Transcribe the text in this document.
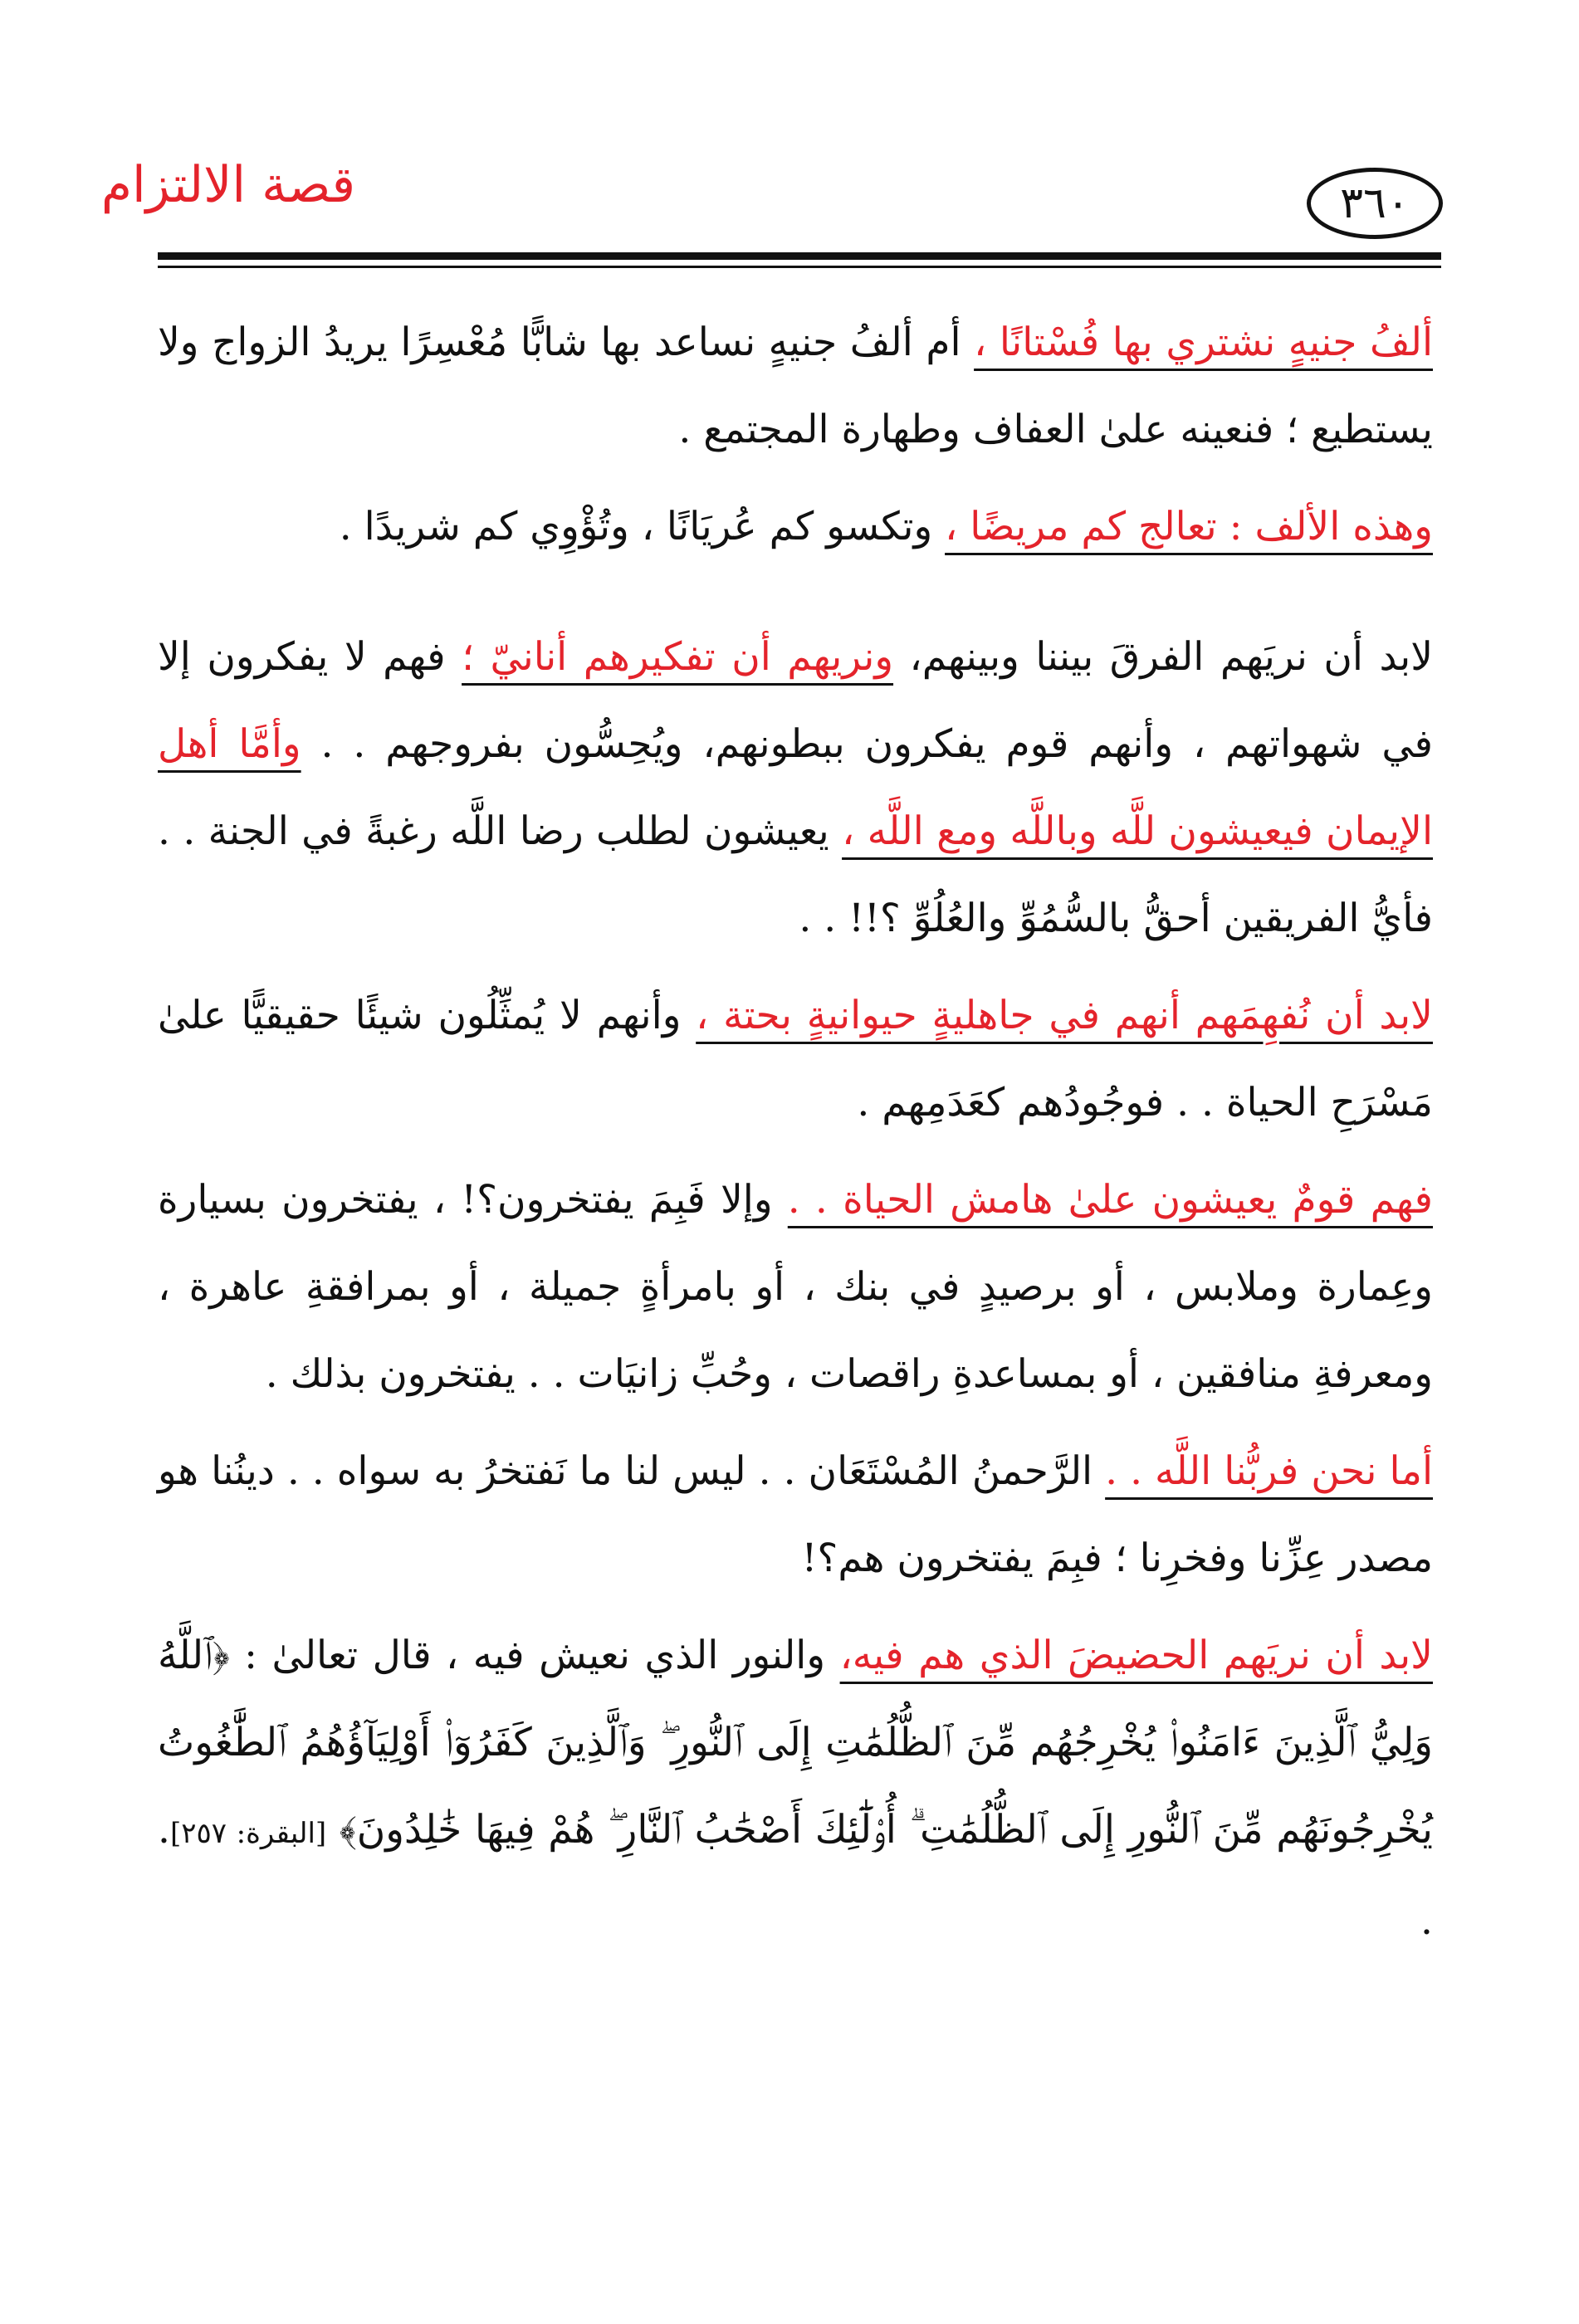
قصة الالتزام	٣٦٠

ألفُ جنيهٍ نشتري بها فُسْتانًا ، أم ألفُ جنيهٍ نساعد بها شابًّا مُعْسِرًا يريدُ الزواج ولا يستطيع ؛ فنعينه علىٰ العفاف وطهارة المجتمع .

وهذه الألف : تعالج كم مريضًا ، وتكسو كم عُريَانًا ، وتُؤْوِي كم شريدًا .

لابد أن نريَهم الفرقَ بيننا وبينهم، ونريهم أن تفكيرهم أنانيّ ؛ فهم لا يفكرون إلا في شهواتهم ، وأنهم قوم يفكرون ببطونهم، ويُحِسُّون بفروجهم . . وأمَّا أهل الإيمان فيعيشون للَّه وباللَّه ومع اللَّه ، يعيشون لطلب رضا اللَّه رغبةً في الجنة . . فأيُّ الفريقين أحقُّ بالسُّمُوِّ والعُلُوِّ ؟!! . .

لابد أن نُفهِمَهم أنهم في جاهليةٍ حيوانيةٍ بحتة ، وأنهم لا يُمثِّلُون شيئًا حقيقيًّا علىٰ مَسْرَحِ الحياة . . فوجُودُهم كعَدَمِهم .

فهم قومٌ يعيشون علىٰ هامش الحياة . . وإلا فَبِمَ يفتخرون؟! ، يفتخرون بسيارة وعِمارة وملابس ، أو برصيدٍ في بنك ، أو بامرأةٍ جميلة ، أو بمرافقةِ عاهرة ، ومعرفةِ منافقين ، أو بمساعدةِ راقصات ، وحُبِّ زانيَات . . يفتخرون بذلك .

أما نحن فربُّنا اللَّه . . الرَّحمنُ المُسْتَعَان . . ليس لنا ما نَفتخرُ به سواه . . دينُنا هو مصدر عِزِّنا وفخرِنا ؛ فبِمَ يفتخرون هم؟!

لابد أن نريَهم الحضيضَ الذي هم فيه، والنور الذي نعيش فيه ، قال تعالىٰ : ﴿ٱللَّهُ وَلِيُّ ٱلَّذِينَ ءَامَنُوا۟ يُخْرِجُهُم مِّنَ ٱلظُّلُمَٰتِ إِلَى ٱلنُّورِ ۖ وَٱلَّذِينَ كَفَرُوٓا۟ أَوْلِيَآؤُهُمُ ٱلطَّٰغُوتُ يُخْرِجُونَهُم مِّنَ ٱلنُّورِ إِلَى ٱلظُّلُمَٰتِ ۗ أُو۟لَٰٓئِكَ أَصْحَٰبُ ٱلنَّارِ ۖ هُمْ فِيهَا خَٰلِدُونَ﴾ [البقرة: ٢٥٧]. .
